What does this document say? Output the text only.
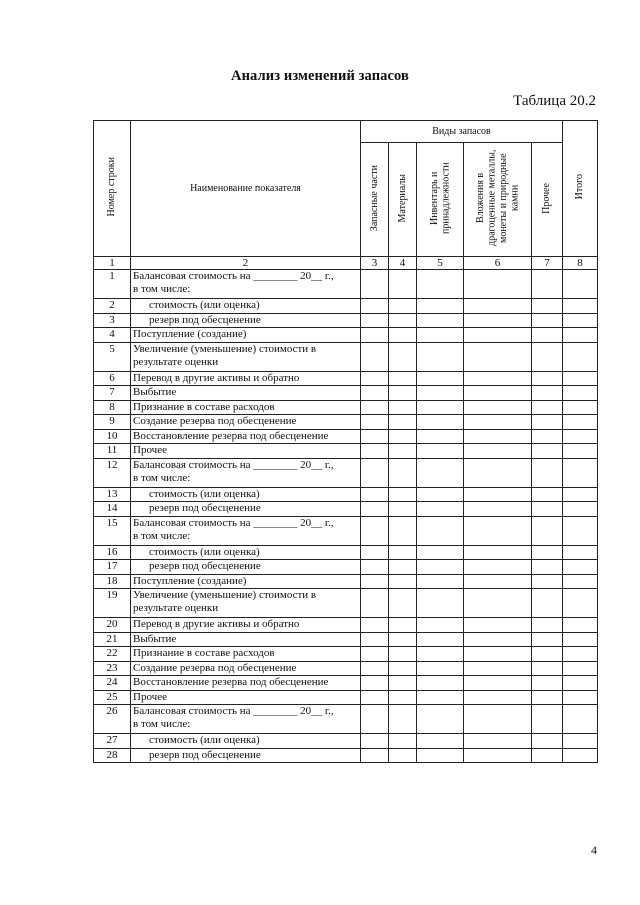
Анализ изменений запасов
Таблица 20.2
Номер строки	Наименование показателя	Виды запасов					Итого
		Запасные части	Материалы	Инвентарь и принадлежности	Вложения в драгоценные металлы, монеты и природные камни	Прочее	
1	2	3	4	5	6	7	8
1	Балансовая стоимость на ________ 20__ г.,
в том числе:						

2	стоимость (или оценка)						

3	резерв под обесценение						

4	Поступление (создание)						

5	Увеличение (уменьшение) стоимости в
результате оценки						

6	Перевод в другие активы и обратно						

7	Выбытие						

8	Признание в составе расходов						

9	Создание резерва под обесценение						

10	Восстановление резерва под обесценение						

11	Прочее						

12	Балансовая стоимость на ________ 20__ г.,
в том числе:						

13	стоимость (или оценка)						

14	резерв под обесценение						

15	Балансовая стоимость на ________ 20__ г.,
в том числе:						

16	стоимость (или оценка)						

17	резерв под обесценение						

18	Поступление (создание)						

19	Увеличение (уменьшение) стоимости в
результате оценки						

20	Перевод в другие активы и обратно						

21	Выбытие						

22	Признание в составе расходов						

23	Создание резерва под обесценение						

24	Восстановление резерва под обесценение						

25	Прочее						

26	Балансовая стоимость на ________ 20__ г.,
в том числе:						

27	стоимость (или оценка)						

28	резерв под обесценение						

4
